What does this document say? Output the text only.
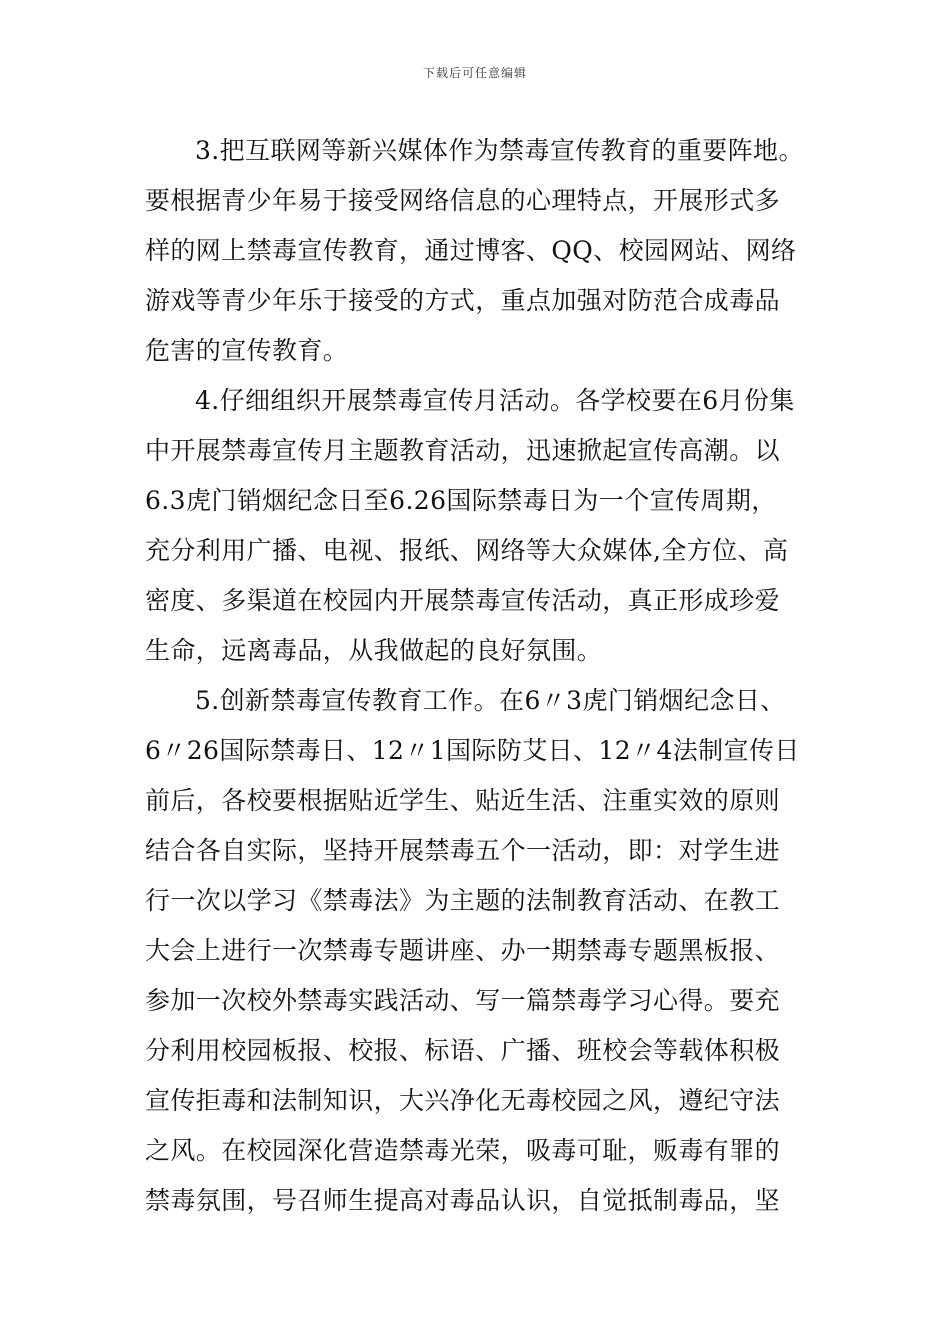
下载后可任意编辑
3.把互联网等新兴媒体作为禁毒宣传教育的重要阵地。
要根据青少年易于接受网络信息的心理特点，开展形式多
样的网上禁毒宣传教育，通过博客、QQ、校园网站、网络
游戏等青少年乐于接受的方式，重点加强对防范合成毒品
危害的宣传教育。
4.仔细组织开展禁毒宣传月活动。各学校要在6月份集
中开展禁毒宣传月主题教育活动，迅速掀起宣传高潮。以
6.3虎门销烟纪念日至6.26国际禁毒日为一个宣传周期，
充分利用广播、电视、报纸、网络等大众媒体,全方位、高
密度、多渠道在校园内开展禁毒宣传活动，真正形成珍爱
生命，远离毒品，从我做起的良好氛围。
5.创新禁毒宣传教育工作。在6〃3虎门销烟纪念日、
6〃26国际禁毒日、12〃1国际防艾日、12〃4法制宣传日
前后，各校要根据贴近学生、贴近生活、注重实效的原则
结合各自实际，坚持开展禁毒五个一活动，即：对学生进
行一次以学习《禁毒法》为主题的法制教育活动、在教工
大会上进行一次禁毒专题讲座、办一期禁毒专题黑板报、
参加一次校外禁毒实践活动、写一篇禁毒学习心得。要充
分利用校园板报、校报、标语、广播、班校会等载体积极
宣传拒毒和法制知识，大兴净化无毒校园之风，遵纪守法
之风。在校园深化营造禁毒光荣，吸毒可耻，贩毒有罪的
禁毒氛围，号召师生提高对毒品认识，自觉抵制毒品，坚
